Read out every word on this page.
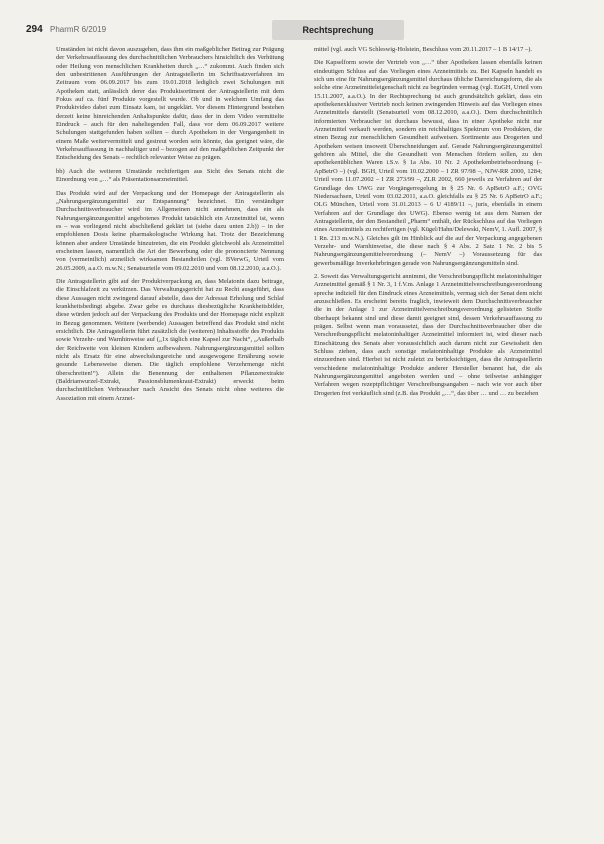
294 PharmR 6/2019	Rechtsprechung

Umständen ist nicht davon auszugehen, dass ihm ein maßgeblicher Beitrag zur Prägung der Verkehrsauffassung des durchschnittlichen Verbrauchers hinsichtlich des Verhütung oder Heilung von menschlichen Krankheiten durch „…“ zukommt. Auch finden sich den unbestrittenen Ausführungen der Antragstellerin im Schriftsatzverfahren im Zeitraum vom 06.09.2017 bis zum 19.01.2018 lediglich zwei Schulungen mit Apotheken statt, anlässlich derer das Produktsortiment der Antragstellerin mit dem Fokus auf ca. fünf Produkte vorgestellt wurde. Ob und in welchem Umfang das Produktvideo dabei zum Einsatz kam, ist ungeklärt. Vor diesem Hintergrund bestehen derzeit keine hinreichenden Anhaltspunkte dafür, dass der in dem Video vermittelte Eindruck – auch für den naheliegenden Fall, dass vor dem 06.09.2017 weitere Schulungen stattgefunden haben sollten – durch Apotheken in der Vergangenheit in einem Maße weitervermittelt und gestreut worden sein könnte, das geeignet wäre, die Verkehrsauffassung in nachhaltiger und – bezogen auf den maßgeblichen Zeitpunkt der Entscheidung des Senats – rechtlich relevanter Weise zu prägen.

bb) Auch die weiteren Umstände rechtfertigen aus Sicht des Senats nicht die Einordnung von „…“ als Präsentationsarzneimittel.

Das Produkt wird auf der Verpackung und der Homepage der Antragstellerin als „Nahrungsergänzungsmittel zur Entspannung“ bezeichnet. Ein verständiger Durchschnittsverbraucher wird im Allgemeinen nicht annehmen, dass ein als Nahrungsergänzungsmittel angebotenes Produkt tatsächlich ein Arzneimittel ist, wenn es – was vorliegend nicht abschließend geklärt ist (siehe dazu unten 2.b)) – in der empfohlenen Dosis keine pharmakologische Wirkung hat. Trotz der Bezeichnung können aber andere Umstände hinzutreten, die ein Produkt gleichwohl als Arzneimittel erscheinen lassen, namentlich die Art der Bewerbung oder die prononcierte Nennung von (vermeintlich) arzneilich wirksamen Bestandteilen (vgl. BVerwG, Urteil vom 26.05.2009, a.a.O. m.w.N.; Senatsurteile vom 09.02.2010 und vom 08.12.2010, a.a.O.).

Die Antragstellerin gibt auf der Produktverpackung an, dass Melatonin dazu beitrage, die Einschlafzeit zu verkürzen. Das Verwaltungsgericht hat zu Recht ausgeführt, dass diese Aussagen nicht zwingend darauf abstelle, dass der Adressat Erholung und Schlaf krankheitsbedingt abgebe. Zwar gebe es durchaus diesbezügliche Krankheitsbilder, diese würden jedoch auf der Verpackung des Produkts und der Homepage nicht explizit in Bezug genommen. Weitere (werbende) Aussagen betreffend das Produkt sind nicht ersichtlich. Die Antragstellerin führt zusätzlich die (weiteren) Inhaltsstoffe des Produkts sowie Verzehr- und Warnhinweise auf („1x täglich eine Kapsel zur Nacht“, „Außerhalb der Reichweite von kleinen Kindern aufbewahren. Nahrungsergänzungsmittel sollten nicht als Ersatz für eine abwechslungsreiche und ausgewogene Ernährung sowie gesunde Lebensweise dienen. Die täglich empfohlene Verzehrmenge nicht überschreiten!“). Allein die Benennung der enthaltenen Pflanzenextrakte (Baldrianwurzel-Extrakt, Passionsblumenkraut-Extrakt) erweckt beim durchschnittlichen Verbraucher nach Ansicht des Senats nicht ohne weiteres die Assoziation mit einem Arznei-

mittel (vgl. auch VG Schleswig-Holstein, Beschluss vom 20.11.2017 – 1 B 14/17 –).

Die Kapselform sowie der Vertrieb von „…“ über Apotheken lassen ebenfalls keinen eindeutigen Schluss auf das Vorliegen eines Arzneimittels zu. Bei Kapseln handelt es sich um eine für Nahrungsergänzungsmittel durchaus übliche Darreichungsform, die als solche eine Arzneimitteleigenschaft nicht zu begründen vermag (vgl. EuGH, Urteil vom 15.11.2007, a.a.O.). In der Rechtsprechung ist auch grundsätzlich geklärt, dass ein apothekenexklusiver Vertrieb noch keinen zwingenden Hinweis auf das Vorliegen eines Arzneimittels darstellt (Senatsurteil vom 08.12.2010, a.a.O.). Dem durchschnittlich informierten Verbraucher ist durchaus bewusst, dass in einer Apotheke nicht nur Arzneimittel verkauft werden, sondern ein reichhaltiges Spektrum von Produkten, die einen Bezug zur menschlichen Gesundheit aufweisen. Sortimente aus Drogerien und Apotheken weisen insoweit Überschneidungen auf. Gerade Nahrungsergänzungsmittel gehören als Mittel, die die Gesundheit von Menschen fördern sollen, zu den apothekenüblichen Waren i.S.v. § 1a Abs. 10 Nr. 2 Apothekenbetriebsordnung (– ApBetrO –) (vgl. BGH, Urteil vom 10.02.2000 – I ZR 97/98 –, NJW-RR 2000, 1284; Urteil vom 11.07.2002 – I ZR 273/99 –, ZLR 2002, 660 jeweils zu Verfahren auf der Grundlage des UWG zur Vorgängerregelung in § 25 Nr. 6 ApBetrO a.F.; OVG Niedersachsen, Urteil vom 03.02.2011, a.a.O. gleichfalls zu § 25 Nr. 6 ApBetrO a.F.; OLG München, Urteil vom 31.01.2013 – 6 U 4189/11 –, juris, ebenfalls in einem Verfahren auf der Grundlage des UWG). Ebenso wenig ist aus dem Namen der Antragstellerin, der den Bestandteil „Pharm“ enthält, der Rückschluss auf das Vorliegen eines Arzneimittels zu rechtfertigen (vgl. Kügel/Hahn/Delewski, NemV, 1. Aufl. 2007, § 1 Rn. 213 m.w.N.). Gleiches gilt im Hinblick auf die auf der Verpackung angegebenen Verzehr- und Warnhinweise, die diese nach § 4 Abs. 2 Satz 1 Nr. 2 bis 5 Nahrungsergänzungsmittelverordnung (– NemV –) Voraussetzung für das gewerbsmäßige Inverkehrbringen gerade von Nahrungsergänzungsmitteln sind.

2. Soweit das Verwaltungsgericht annimmt, die Verschreibungspflicht melatoninhaltiger Arzneimittel gemäß § 1 Nr. 3, 1 f.V.m. Anlage 1 Arzneimittelverschreibungsverordnung spreche indiziell für den Eindruck eines Arzneimittels, vermag sich der Senat dem nicht anzuschließen. Es erscheint bereits fraglich, inwieweit dem Durchschnittsverbraucher die in der Anlage 1 zur Arzneimittelverschreibungsverordnung gelisteten Stoffe überhaupt bekannt sind und diese damit geeignet sind, dessen Verkehrsauffassung zu prägen. Selbst wenn man voraussetzt, dass der Durchschnittsverbraucher über die Verschreibungspflicht melatoninhaltiger Arzneimittel informiert ist, wird dieser nach Einschätzung des Senats aber voraussichtlich auch darum nicht zur Gewissheit den Schluss ziehen, dass auch sonstige melatoninhaltige Produkte als Arzneimittel einzuordnen sind. Hierbei ist nicht zuletzt zu berücksichtigen, dass die Antragstellerin verschiedene melatoninhaltige Produkte anderer Hersteller benannt hat, die als Nahrungsergänzungsmittel angeboten werden und – ohne teilweise anhängiger Verfahren wegen rezeptpflichtiger Verschreibungsangaben – nach wie vor auch über Drogerien frei verkäuflich sind (z.B. das Produkt „…“, das über … und … zu beziehen
